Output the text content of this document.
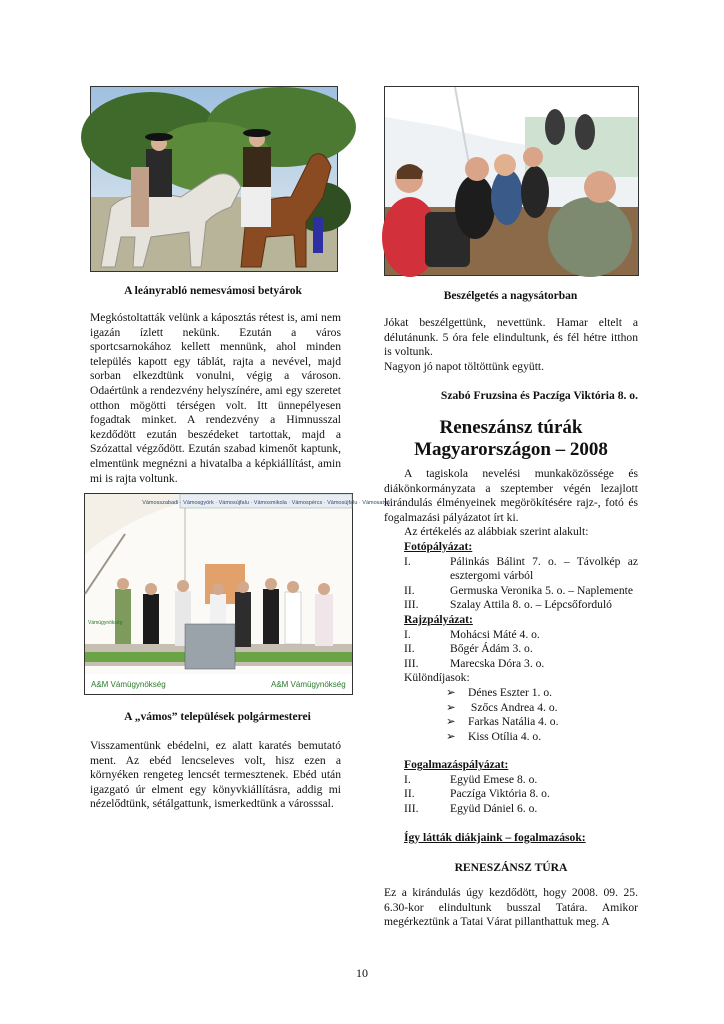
A leányrabló nemesvámosi betyárok

Megkóstoltatták velünk a káposztás rétest is, ami nem igazán ízlett nekünk. Ezután a város sportcsarnokához kellett mennünk, ahol minden település kapott egy táblát, rajta a nevével, majd sorban elkezdtünk vonulni, végig a városon. Odaértünk a rendezvény helyszínére, ami egy szeretet otthon mögötti térségen volt. Itt ünnepélyesen fogadtak minket. A rendezvény a Himnusszal kezdődött ezután beszédeket tartottak, majd a Szózattal végződött. Ezután szabad kimenőt kaptunk, elmentünk megnézni a hivatalba a képkiállítást, amin mi is rajta voltunk.

Vámosszabadi · Vámosgyörk · Vámosújfalu · Vámosmikola · Vámospércs · Vámosújfalu · Vámosatya
A&M Vámügynökség	A&M Vámügynökség
Vámügynökség
A „vámos” települések polgármesterei

Visszamentünk ebédelni, ez alatt karatés bemutató ment. Az ebéd lencseleves volt, hisz ezen a környéken rengeteg lencsét termesztenek. Ebéd után igazgató úr elment egy könyvkiállításra, addig mi nézelődtünk, sétálgattunk, ismerkedtünk a városssal.

Beszélgetés a nagysátorban

Jókat beszélgettünk, nevettünk. Hamar eltelt a délutánunk. 5 óra fele elindultunk, és fél hétre itthon is voltunk.

Nagyon jó napot töltöttünk együtt.

Szabó Fruzsina és Paczíga Viktória 8. o.
Reneszánsz túrák
Magyarországon – 2008

A tagiskola nevelési munkaközössége és diákönkormányzata a szeptember végén lezajlott kirándulás élményeinek megörökítésére rajz-, fotó és fogalmazási pályázatot írt ki.

Az értékelés az alábbiak szerint alakult:

Fotópályázat:
I.	Pálinkás Bálint 7. o. – Távolkép az esztergomi várból
II.	Germuska Veronika 5. o. – Naplemente
III.	Szalay Attila 8. o. – Lépcsőforduló
Rajzpályázat:
I.	Mohácsi Máté 4. o.
II.	Bőgér Ádám 3. o.
III.	Marecska Dóra 3. o.
Különdíjasok:
➢	Dénes Eszter 1. o.
➢	Szőcs Andrea 4. o.
➢	Farkas Natália 4. o.
➢	Kiss Otília 4. o.
Fogalmazáspályázat:
I.	Együd Emese 8. o.
II.	Paczíga Viktória 8. o.
III.	Együd Dániel 6. o.
Így látták diákjaink – fogalmazások:
RENESZÁNSZ TÚRA

Ez a kirándulás úgy kezdődött, hogy 2008. 09. 25. 6.30-kor elindultunk busszal Tatára. Amikor megérkeztünk a Tatai Várat pillanthattuk meg. A

10
